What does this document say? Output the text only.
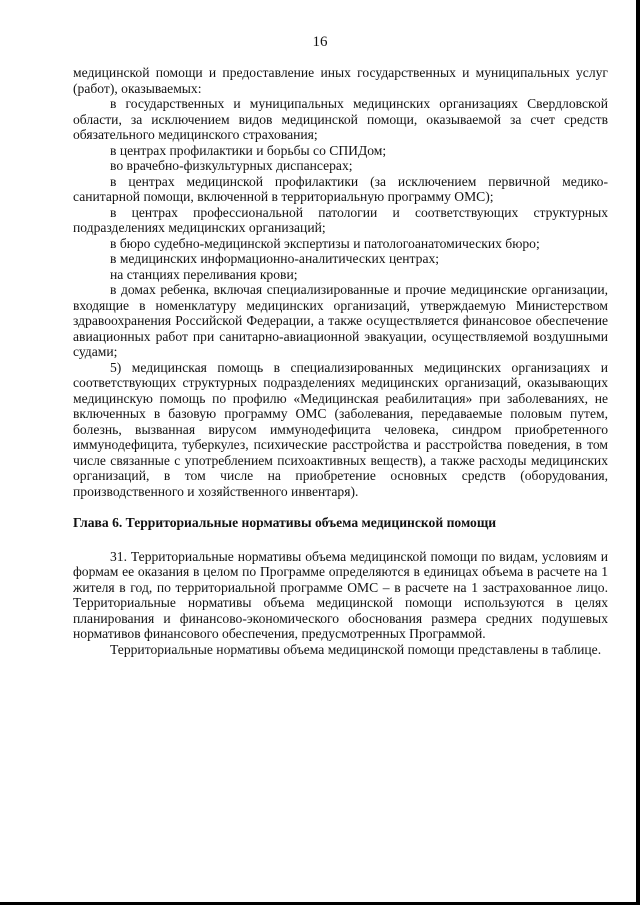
16

медицинской помощи и предоставление иных государственных и муниципальных услуг (работ), оказываемых:

в государственных и муниципальных медицинских организациях Свердловской области, за исключением видов медицинской помощи, оказываемой за счет средств обязательного медицинского страхования;

в центрах профилактики и борьбы со СПИДом;

во врачебно-физкультурных диспансерах;

в центрах медицинской профилактики (за исключением первичной медико-санитарной помощи, включенной в территориальную программу ОМС);

в центрах профессиональной патологии и соответствующих структурных подразделениях медицинских организаций;

в бюро судебно-медицинской экспертизы и патологоанатомических бюро;

в медицинских информационно-аналитических центрах;

на станциях переливания крови;

в домах ребенка, включая специализированные и прочие медицинские организации, входящие в номенклатуру медицинских организаций, утверждаемую Министерством здравоохранения Российской Федерации, а также осуществляется финансовое обеспечение авиационных работ при санитарно-авиационной эвакуации, осуществляемой воздушными судами;

5) медицинская помощь в специализированных медицинских организациях и соответствующих структурных подразделениях медицинских организаций, оказывающих медицинскую помощь по профилю «Медицинская реабилитация» при заболеваниях, не включенных в базовую программу ОМС (заболевания, передаваемые половым путем, болезнь, вызванная вирусом иммунодефицита человека, синдром приобретенного иммунодефицита, туберкулез, психические расстройства и расстройства поведения, в том числе связанные с употреблением психоактивных веществ), а также расходы медицинских организаций, в том числе на приобретение основных средств (оборудования, производственного и хозяйственного инвентаря).

Глава 6. Территориальные нормативы объема медицинской помощи

31. Территориальные нормативы объема медицинской помощи по видам, условиям и формам ее оказания в целом по Программе определяются в единицах объема в расчете на 1 жителя в год, по территориальной программе ОМС – в расчете на 1 застрахованное лицо. Территориальные нормативы объема медицинской помощи используются в целях планирования и финансово-экономического обоснования размера средних подушевых нормативов финансового обеспечения, предусмотренных Программой.

Территориальные нормативы объема медицинской помощи представлены в таблице.
